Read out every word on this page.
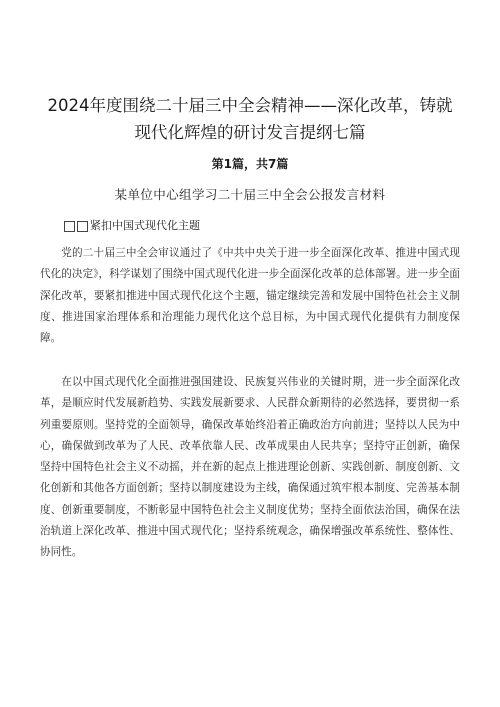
2024年度围绕二十届三中全会精神——深化改革，铸就现代化辉煌的研讨发言提纲七篇
第1篇，共7篇
某单位中心组学习二十届三中全会公报发言材料
紧扣中国式现代化主题

党的二十届三中全会审议通过了《中共中央关于进一步全面深化改革、推进中国式现代化的决定》，科学谋划了围绕中国式现代化进一步全面深化改革的总体部署。进一步全面深化改革，要紧扣推进中国式现代化这个主题，锚定继续完善和发展中国特色社会主义制度、推进国家治理体系和治理能力现代化这个总目标，为中国式现代化提供有力制度保障。

在以中国式现代化全面推进强国建设、民族复兴伟业的关键时期，进一步全面深化改革，是顺应时代发展新趋势、实践发展新要求、人民群众新期待的必然选择，要贯彻一系列重要原则。坚持党的全面领导，确保改革始终沿着正确政治方向前进；坚持以人民为中心，确保做到改革为了人民、改革依靠人民、改革成果由人民共享；坚持守正创新，确保坚持中国特色社会主义不动摇，并在新的起点上推进理论创新、实践创新、制度创新、文化创新和其他各方面创新；坚持以制度建设为主线，确保通过筑牢根本制度、完善基本制度、创新重要制度，不断彰显中国特色社会主义制度优势；坚持全面依法治国，确保在法治轨道上深化改革、推进中国式现代化；坚持系统观念，确保增强改革系统性、整体性、协同性。
